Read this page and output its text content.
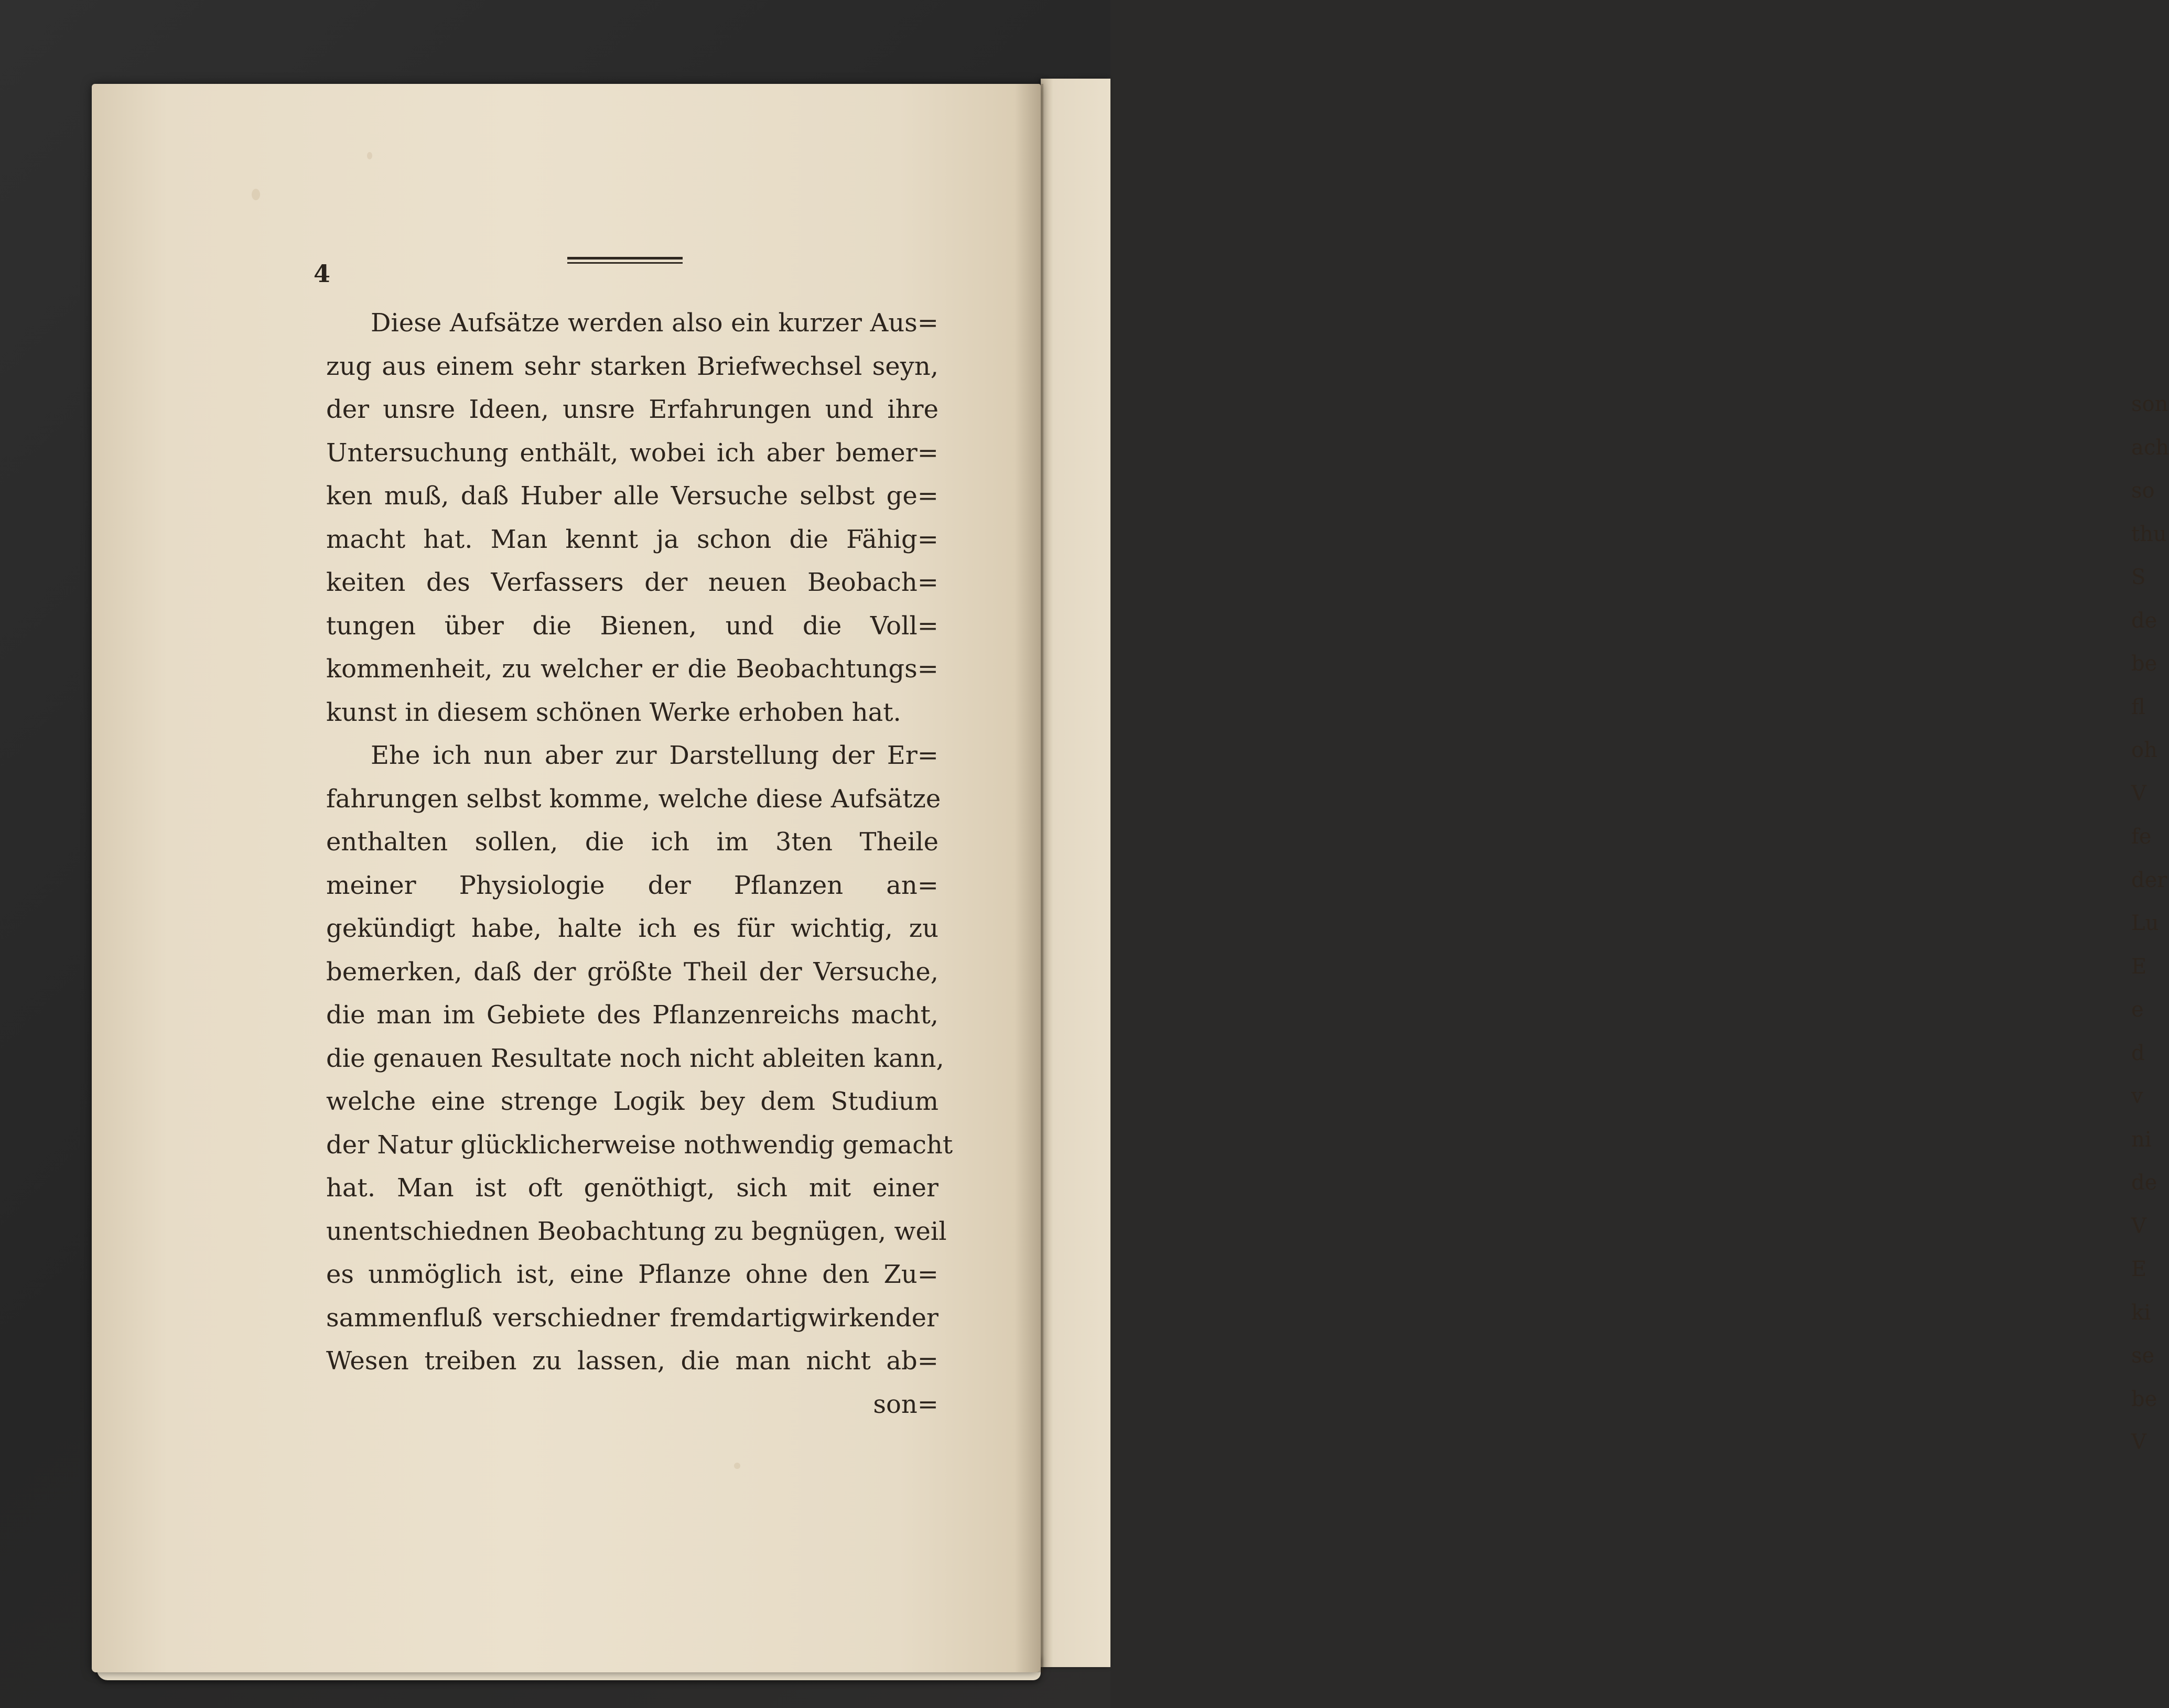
son
ach
so
thu
S
de
be
fl
oh
V
fe
der
Lu
E
e
d
v
ni
de
V
E
ki
se
be
V

4

Diese Aufsätze werden also ein kurzer Aus=
zug aus einem sehr starken Briefwechsel seyn,
der unsre Ideen, unsre Erfahrungen und ihre
Untersuchung enthält, wobei ich aber bemer=
ken muß, daß Huber alle Versuche selbst ge=
macht hat. Man kennt ja schon die Fähig=
keiten des Verfassers der neuen Beobach=
tungen über die Bienen, und die Voll=
kommenheit, zu welcher er die Beobachtungs=
kunst in diesem schönen Werke erhoben hat.
Ehe ich nun aber zur Darstellung der Er=
fahrungen selbst komme, welche diese Aufsätze
enthalten sollen, die ich im 3ten Theile
meiner Physiologie der Pflanzen an=
gekündigt habe, halte ich es für wichtig, zu
bemerken, daß der größte Theil der Versuche,
die man im Gebiete des Pflanzenreichs macht,
die genauen Resultate noch nicht ableiten kann,
welche eine strenge Logik bey dem Studium
der Natur glücklicherweise nothwendig gemacht
hat. Man ist oft genöthigt, sich mit einer
unentschiednen Beobachtung zu begnügen, weil
es unmöglich ist, eine Pflanze ohne den Zu=
sammenfluß verschiedner fremdartigwirkender
Wesen treiben zu lassen, die man nicht ab=
son=
